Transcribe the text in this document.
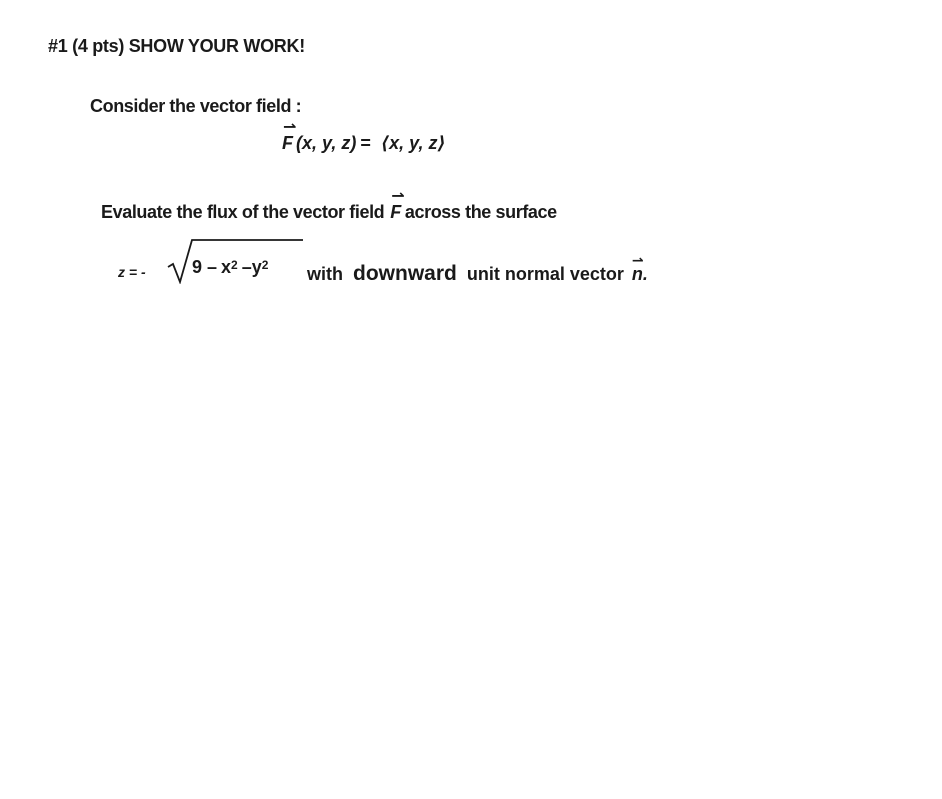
#1 (4 pts) SHOW YOUR WORK!
Consider the vector field :
⇀
F (x, y, z) = ⟨x, y, z⟩
Evaluate the flux of the vector field
⇀
F across the surface
z = -	$9 - x^2 - y^2$ with downward unit normal vector
⇀
n.
